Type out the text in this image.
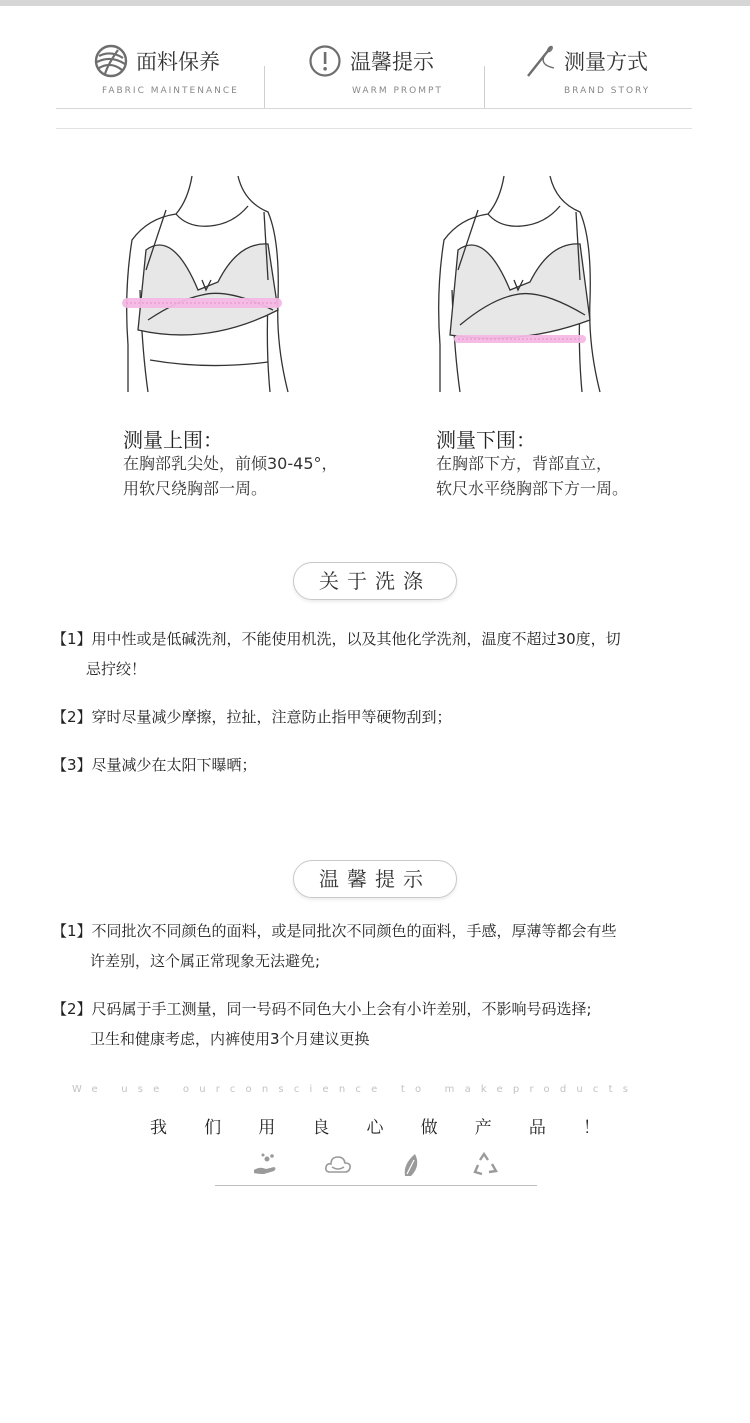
面料保养
FABRIC MAINTENANCE
温馨提示
WARM PROMPT
测量方式
BRAND STORY
测量上围：
在胸部乳尖处，前倾30-45°，
用软尺绕胸部一周。
测量下围：
在胸部下方，背部直立，
软尺水平绕胸部下方一周。
关于洗涤
【1】用中性或是低碱洗剂，不能使用机洗，以及其他化学洗剂，温度不超过30度，切
忌拧绞！
【2】穿时尽量减少摩擦，拉扯，注意防止指甲等硬物刮到；
【3】尽量减少在太阳下曝晒；
温馨提示
【1】不同批次不同颜色的面料，或是同批次不同颜色的面料，手感，厚薄等都会有些
许差别，这个属正常现象无法避免;
【2】尺码属于手工测量，同一号码不同色大小上会有小许差别，不影响号码选择;
卫生和健康考虑，内裤使用3个月建议更换
We use ourconscience to makeproducts
我 们 用 良 心 做 产 品 ！
